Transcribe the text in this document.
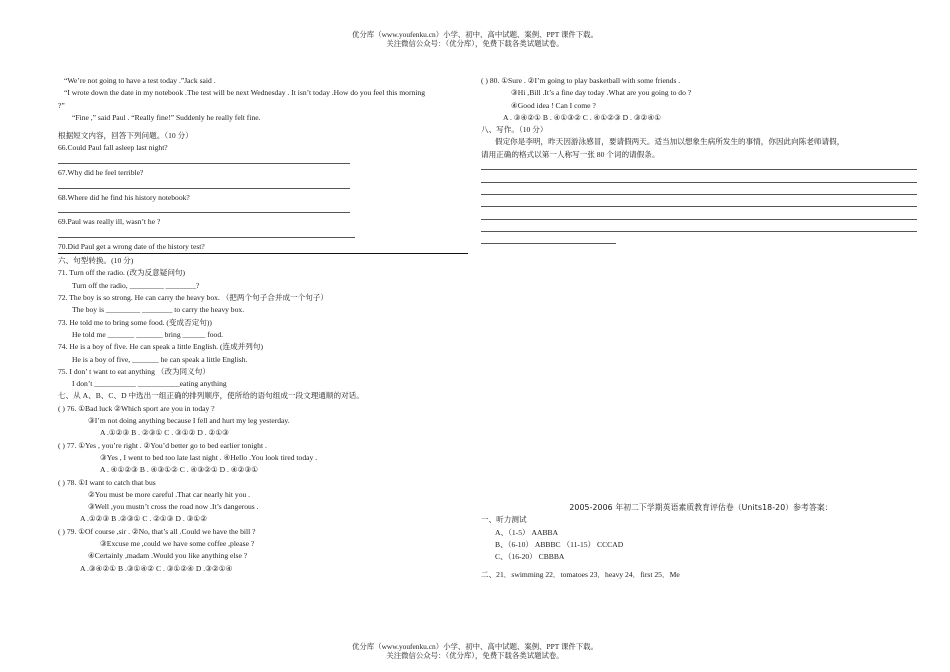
优分库（www.youfenku.cn）小学、初中、高中试题、案例、PPT 课件下载。
关注微信公众号：（优分库），免费下载各类试题试卷。
“We’re not going to have a test today .”Jack said .
“I wrote down the date in my notebook .The test will be next Wednesday . It isn’t today .How do you feel this morning
?”
“Fine ,” said Paul . “Really fine!” Suddenly he really felt fine.
根据短文内容，回答下列问题。（10 分）
66.Could Paul fall asleep last night?
67.Why did he feel terrible?
68.Where did he find his history notebook?
69.Paul was really ill, wasn’t he ?
70.Did Paul get a wrong date of the history test?
六、句型转换。(10 分)
71. Turn off the radio. (改为反意疑问句)
Turn off the radio, _________ ________?
72. The boy is so strong. He can carry the heavy box. （把两个句子合并成一个句子）
The boy is _________ ________ to carry the heavy box.
73. He told me to bring some food. (变成否定句))
He told me _______ _______ bring ______ food.
74. He is a boy of five. He can speak a little English. (连成并列句)
He is a boy of five, _______ he can speak a little English.
75. I don’ t want to eat anything （改为同义句）
I don’t ___________ ___________eating anything
七、从 A、B、C、D 中选出一组正确的排列顺序，使所给的语句组成一段文理通顺的对话。
( ) 76. ①Bad luck ②Which sport are you in today ?
③I’m not doing anything because I fell and hurt my leg yesterday.
A .①②③ B . ②③① C . ③①② D . ②①③
( ) 77. ①Yes , you’re right . ②You’d better go to bed earlier tonight .
③Yes , I went to bed too late last night . ④Hello .You look tired today .
A . ④①②③ B . ④③①② C . ④③②① D . ④②③①
( ) 78. ①I want to catch that bus
②You must be more careful .That car nearly hit you .
③Well ,you mustn’t cross the road now .It’s dangerous .
A .①②③ B .②③① C . ②①③ D . ③①②
( ) 79. ①Of course ,sir . ②No, that’s all .Could we have the bill ?
③Excuse me ,could we have some coffee ,please ?
④Certainly ,madam .Would you like anything else ?
A .③④②① B .③①④② C . ③①②④ D .③②①④
( ) 80. ①Sure . ②I’m going to play basketball with some friends .
③Hi ,Bill .It’s a fine day today .What are you going to do ?
④Good idea ! Can I come ?
A . ③④②① B . ④①③② C . ④①②③ D . ③②④①
八、写作。（10 分）
假定你是李明，昨天因游泳感冒，要请假两天。适当加以想象生病所发生的事情，你因此向陈老师请假，
请用正确的格式以第一人称写一张 80 个词的请假条。
2005-2006 年初二下学期英语素质教育评估卷（Units18-20）参考答案：
一、听力测试
A、（1-5） AABBA
B、（6-10） ABBBC （11-15） CCCAD
C、（16-20） CBBBA
二、21．swimming 22．tomatoes 23．heavy 24．first 25．Me
优分库（www.youfenku.cn）小学、初中、高中试题、案例、PPT 课件下载。
关注微信公众号：（优分库），免费下载各类试题试卷。
